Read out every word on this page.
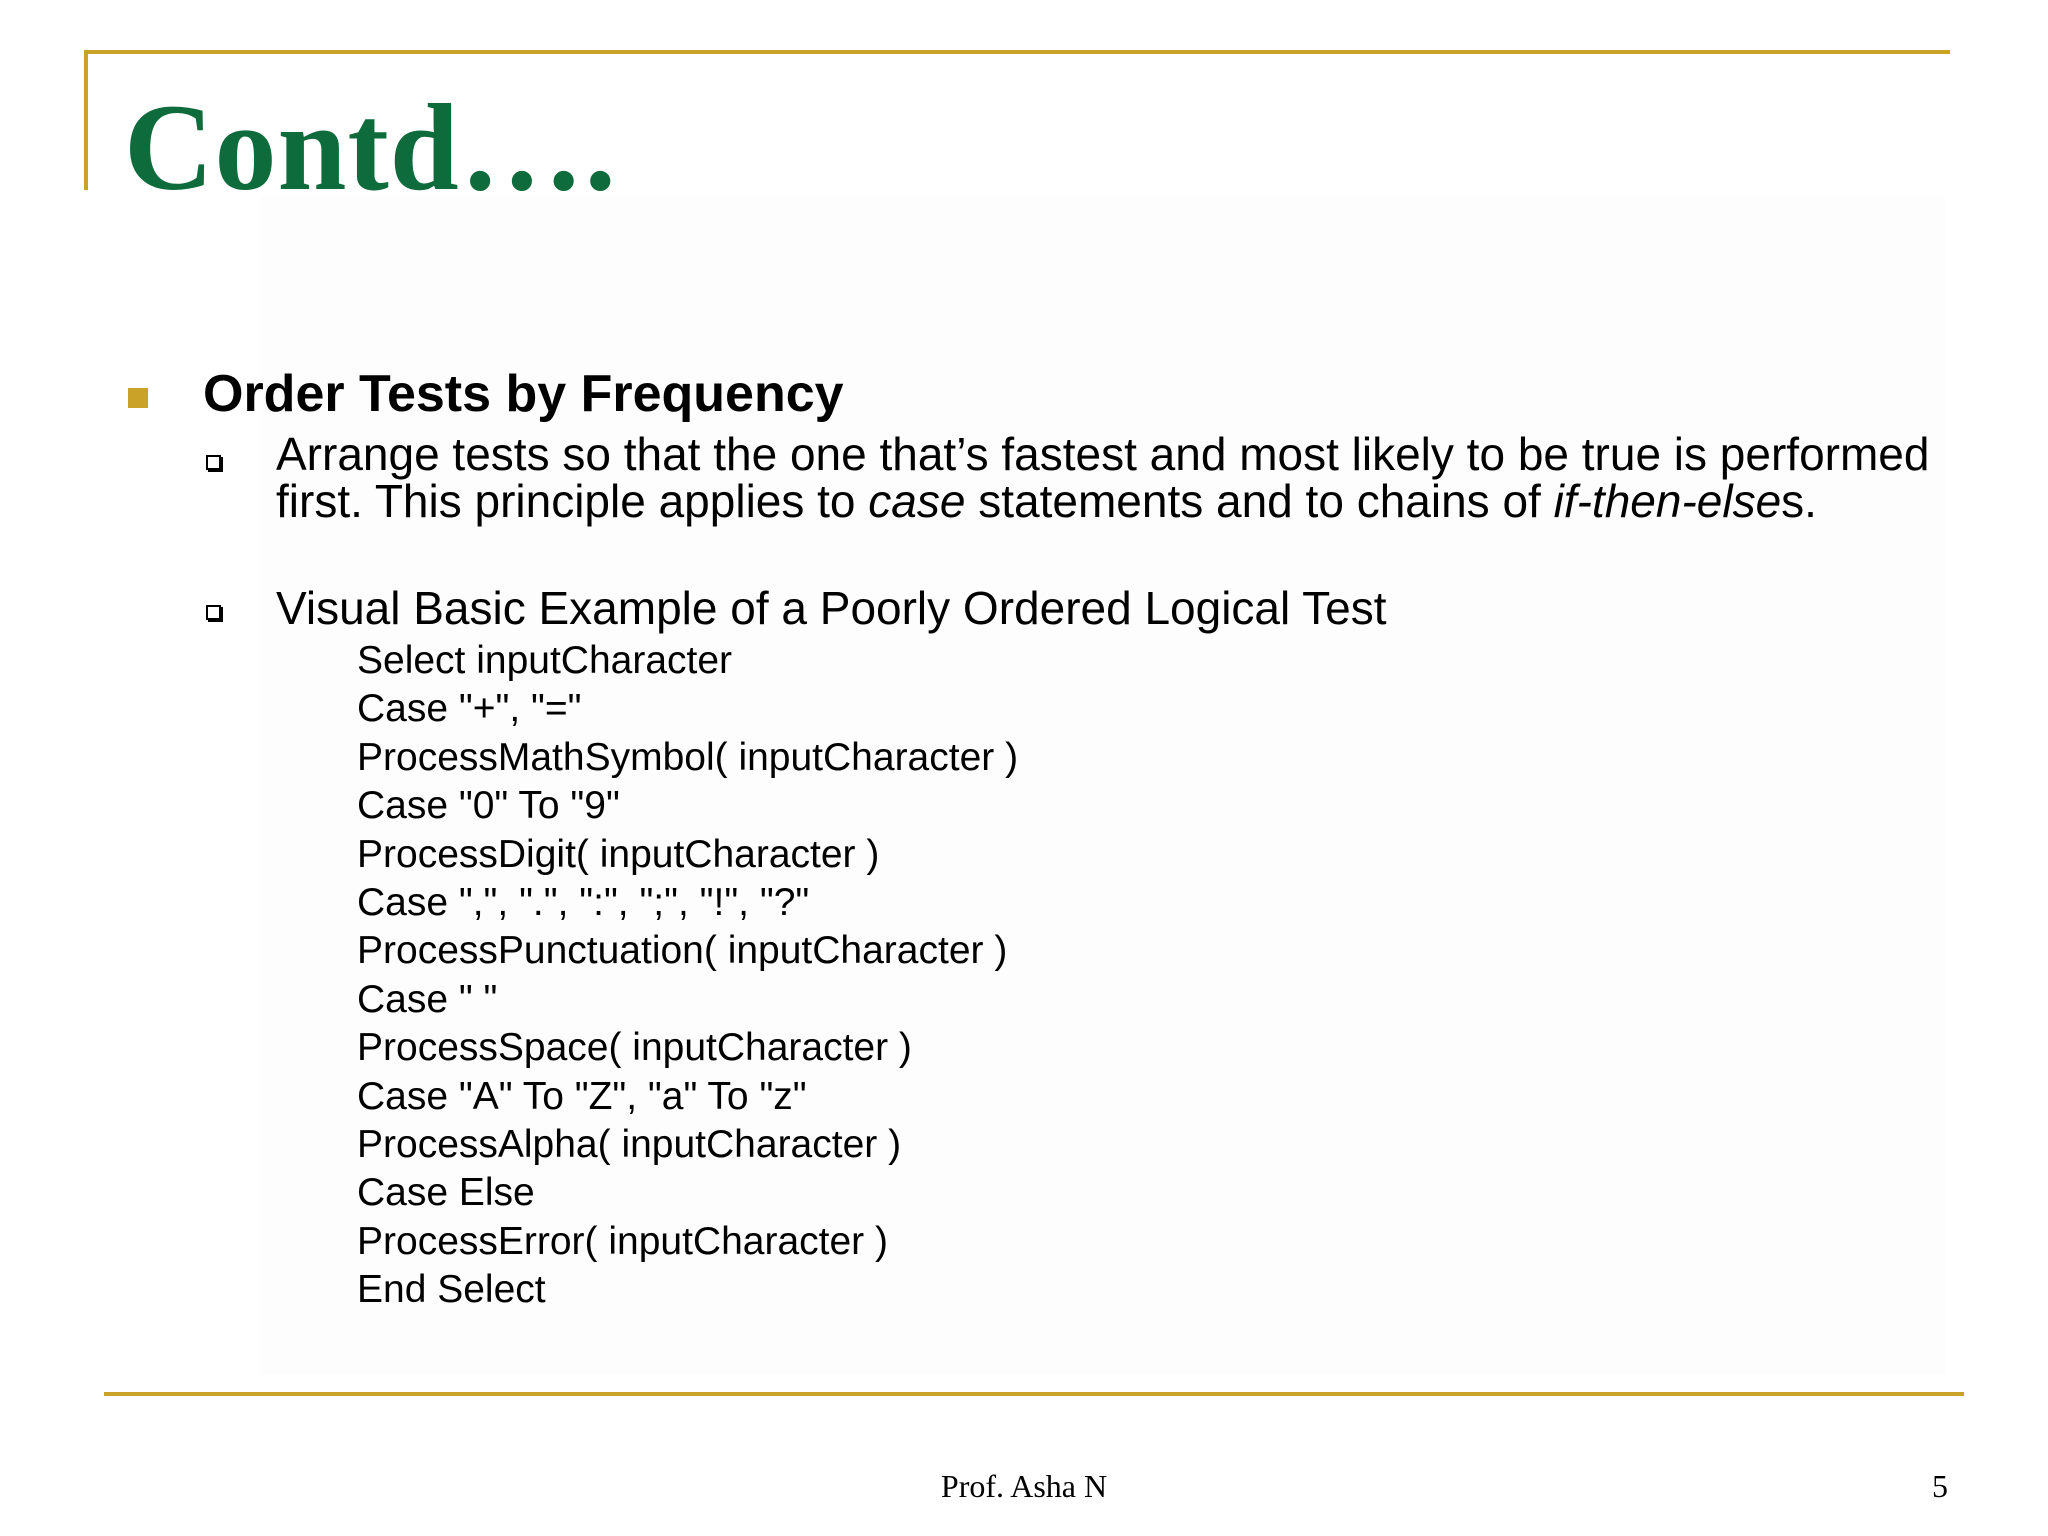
Contd….
Order Tests by Frequency

Arrange tests so that the one that’s fastest and most likely to be true is performed first. This principle applies to case statements and to chains of if-then-elses.

Visual Basic Example of a Poorly Ordered Logical Test

Select inputCharacter
Case "+", "="
ProcessMathSymbol( inputCharacter )
Case "0" To "9"
ProcessDigit( inputCharacter )
Case ",", ".", ":", ";", "!", "?"
ProcessPunctuation( inputCharacter )
Case " "
ProcessSpace( inputCharacter )
Case "A" To "Z", "a" To "z"
ProcessAlpha( inputCharacter )
Case Else
ProcessError( inputCharacter )
End Select
Prof. Asha N	5
